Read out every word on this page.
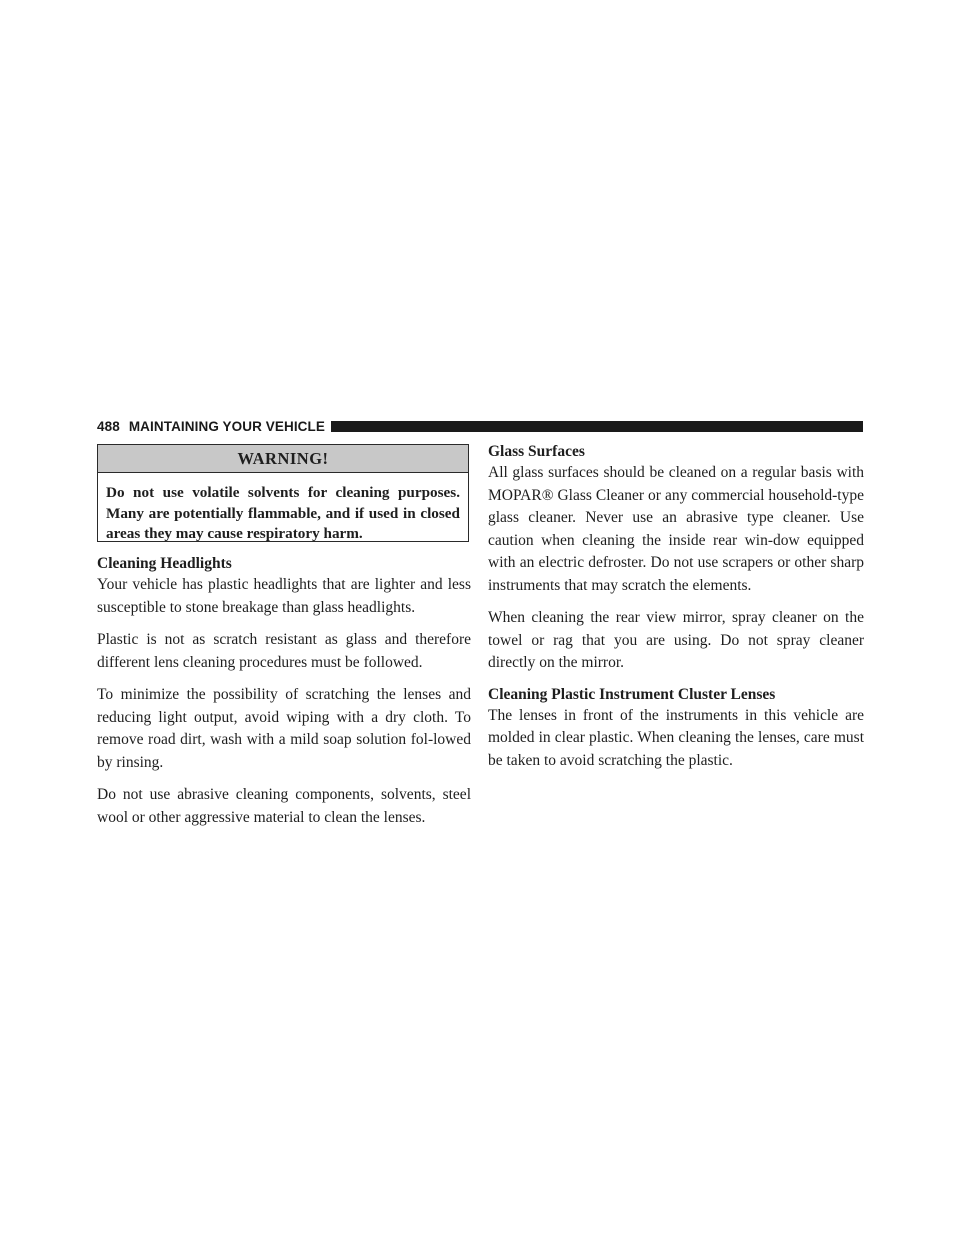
488 MAINTAINING YOUR VEHICLE
WARNING!
Do not use volatile solvents for cleaning purposes. Many are potentially flammable, and if used in closed areas they may cause respiratory harm.
Cleaning Headlights

Your vehicle has plastic headlights that are lighter and less susceptible to stone breakage than glass headlights.

Plastic is not as scratch resistant as glass and therefore different lens cleaning procedures must be followed.

To minimize the possibility of scratching the lenses and reducing light output, avoid wiping with a dry cloth. To remove road dirt, wash with a mild soap solution fol-lowed by rinsing.

Do not use abrasive cleaning components, solvents, steel wool or other aggressive material to clean the lenses.

Glass Surfaces

All glass surfaces should be cleaned on a regular basis with MOPAR® Glass Cleaner or any commercial household-type glass cleaner. Never use an abrasive type cleaner. Use caution when cleaning the inside rear win-dow equipped with an electric defroster. Do not use scrapers or other sharp instruments that may scratch the elements.

When cleaning the rear view mirror, spray cleaner on the towel or rag that you are using. Do not spray cleaner directly on the mirror.

Cleaning Plastic Instrument Cluster Lenses

The lenses in front of the instruments in this vehicle are molded in clear plastic. When cleaning the lenses, care must be taken to avoid scratching the plastic.
